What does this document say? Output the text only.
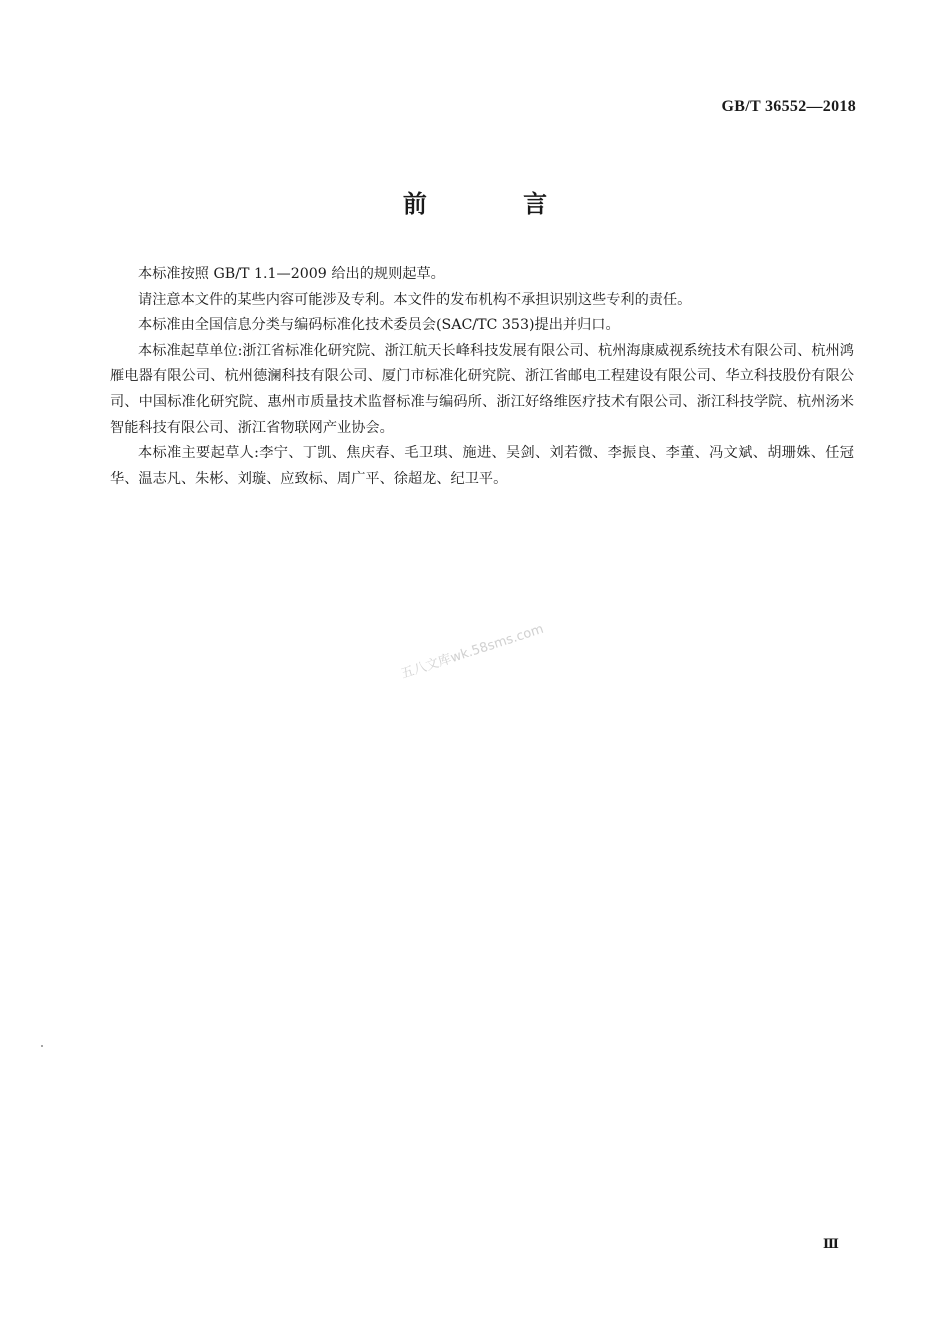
GB/T 36552—2018
前 言

本标准按照 GB/T 1.1—2009 给出的规则起草。

请注意本文件的某些内容可能涉及专利。本文件的发布机构不承担识别这些专利的责任。

本标准由全国信息分类与编码标准化技术委员会(SAC/TC 353)提出并归口。

本标准起草单位:浙江省标准化研究院、浙江航天长峰科技发展有限公司、杭州海康威视系统技术有限公司、杭州鸿雁电器有限公司、杭州德澜科技有限公司、厦门市标准化研究院、浙江省邮电工程建设有限公司、华立科技股份有限公司、中国标准化研究院、惠州市质量技术监督标准与编码所、浙江好络维医疗技术有限公司、浙江科技学院、杭州汤米智能科技有限公司、浙江省物联网产业协会。

本标准主要起草人:李宁、丁凯、焦庆春、毛卫琪、施进、吴剑、刘若微、李振良、李董、冯文斌、胡珊姝、任冠华、温志凡、朱彬、刘璇、应致标、周广平、徐超龙、纪卫平。

五八文库wk.58sms.com
Ⅲ
